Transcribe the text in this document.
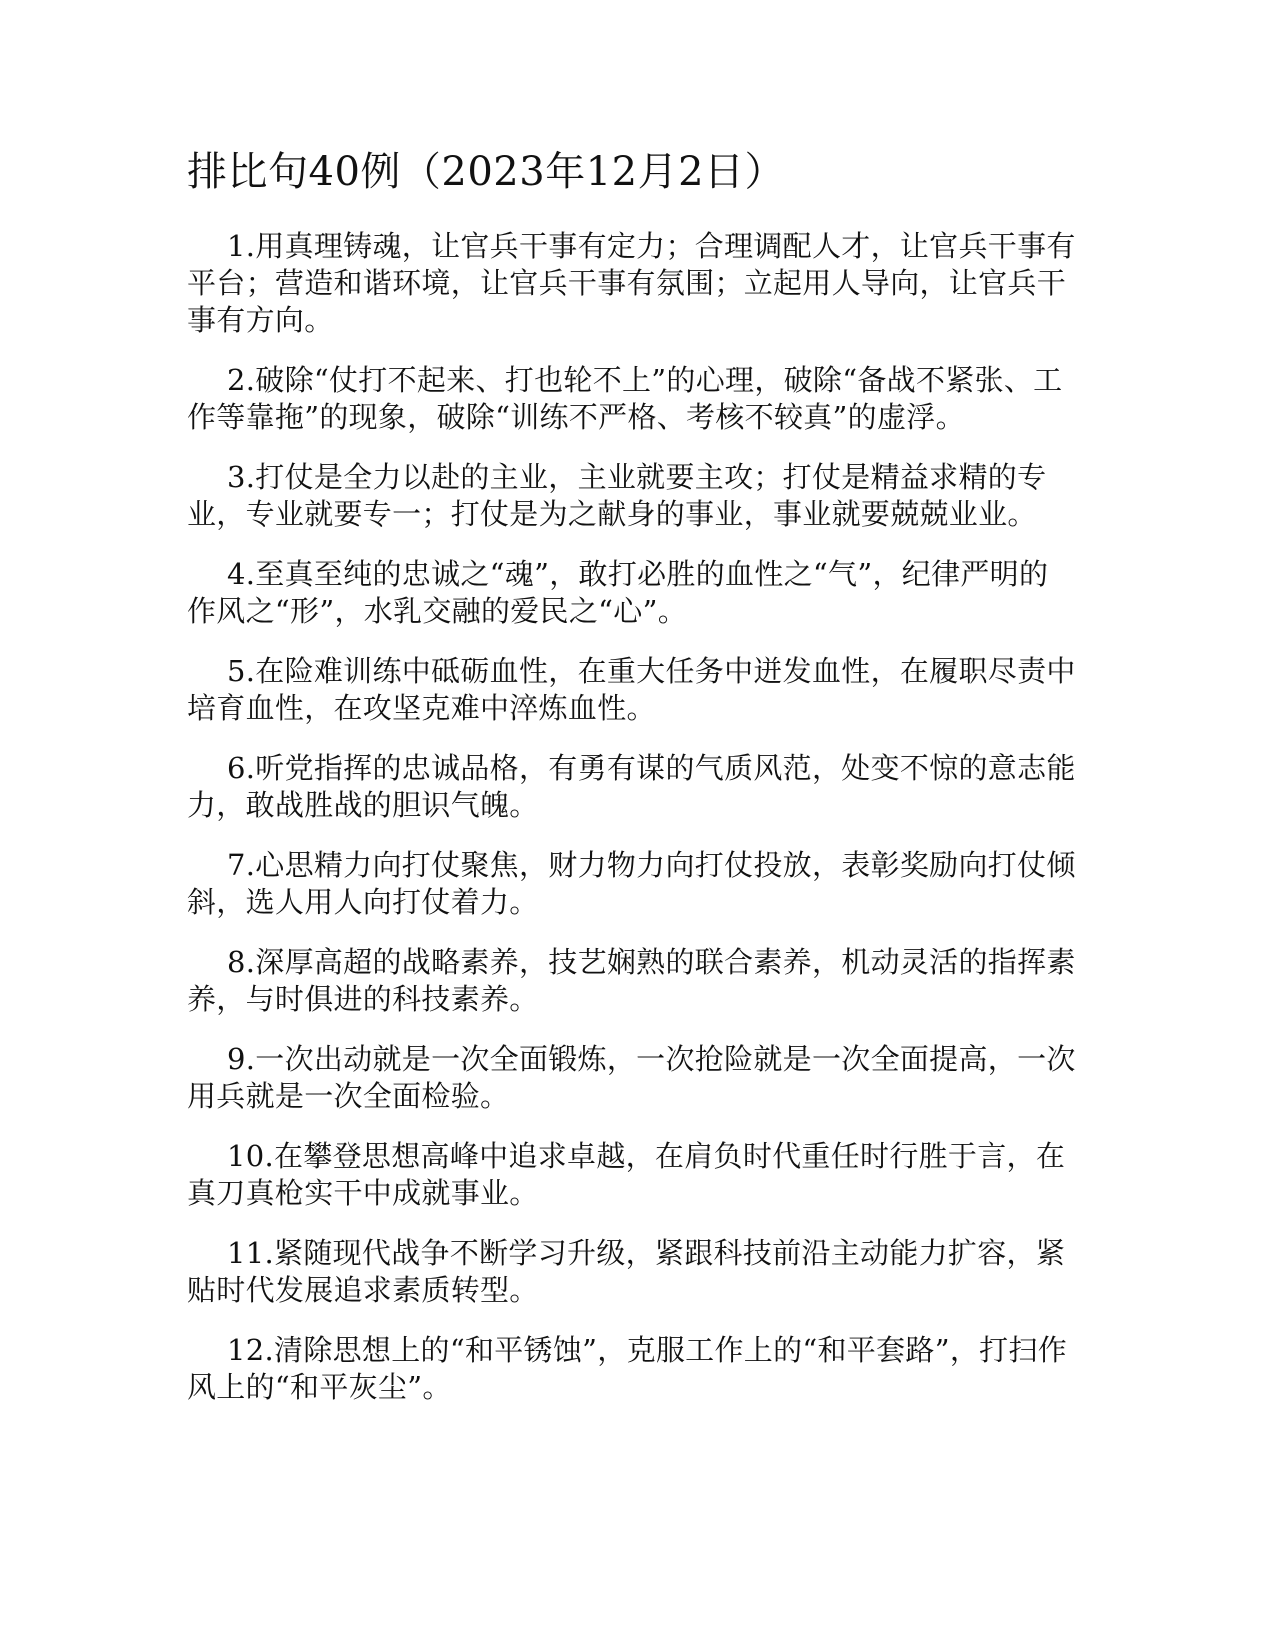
排比句40例（2023年12月2日）

1.用真理铸魂，让官兵干事有定力；合理调配人才，让官兵干事有平台；营造和谐环境，让官兵干事有氛围；立起用人导向，让官兵干事有方向。

2.破除“仗打不起来、打也轮不上”的心理，破除“备战不紧张、工作等靠拖”的现象，破除“训练不严格、考核不较真”的虚浮。

3.打仗是全力以赴的主业，主业就要主攻；打仗是精益求精的专业，专业就要专一；打仗是为之献身的事业，事业就要兢兢业业。

4.至真至纯的忠诚之“魂”，敢打必胜的血性之“气”，纪律严明的作风之“形”，水乳交融的爱民之“心”。

5.在险难训练中砥砺血性，在重大任务中迸发血性，在履职尽责中培育血性，在攻坚克难中淬炼血性。

6.听党指挥的忠诚品格，有勇有谋的气质风范，处变不惊的意志能力，敢战胜战的胆识气魄。

7.心思精力向打仗聚焦，财力物力向打仗投放，表彰奖励向打仗倾斜，选人用人向打仗着力。

8.深厚高超的战略素养，技艺娴熟的联合素养，机动灵活的指挥素养，与时俱进的科技素养。

9.一次出动就是一次全面锻炼，一次抢险就是一次全面提高，一次用兵就是一次全面检验。

10.在攀登思想高峰中追求卓越，在肩负时代重任时行胜于言，在真刀真枪实干中成就事业。

11.紧随现代战争不断学习升级，紧跟科技前沿主动能力扩容，紧贴时代发展追求素质转型。

12.清除思想上的“和平锈蚀”，克服工作上的“和平套路”，打扫作风上的“和平灰尘”。
